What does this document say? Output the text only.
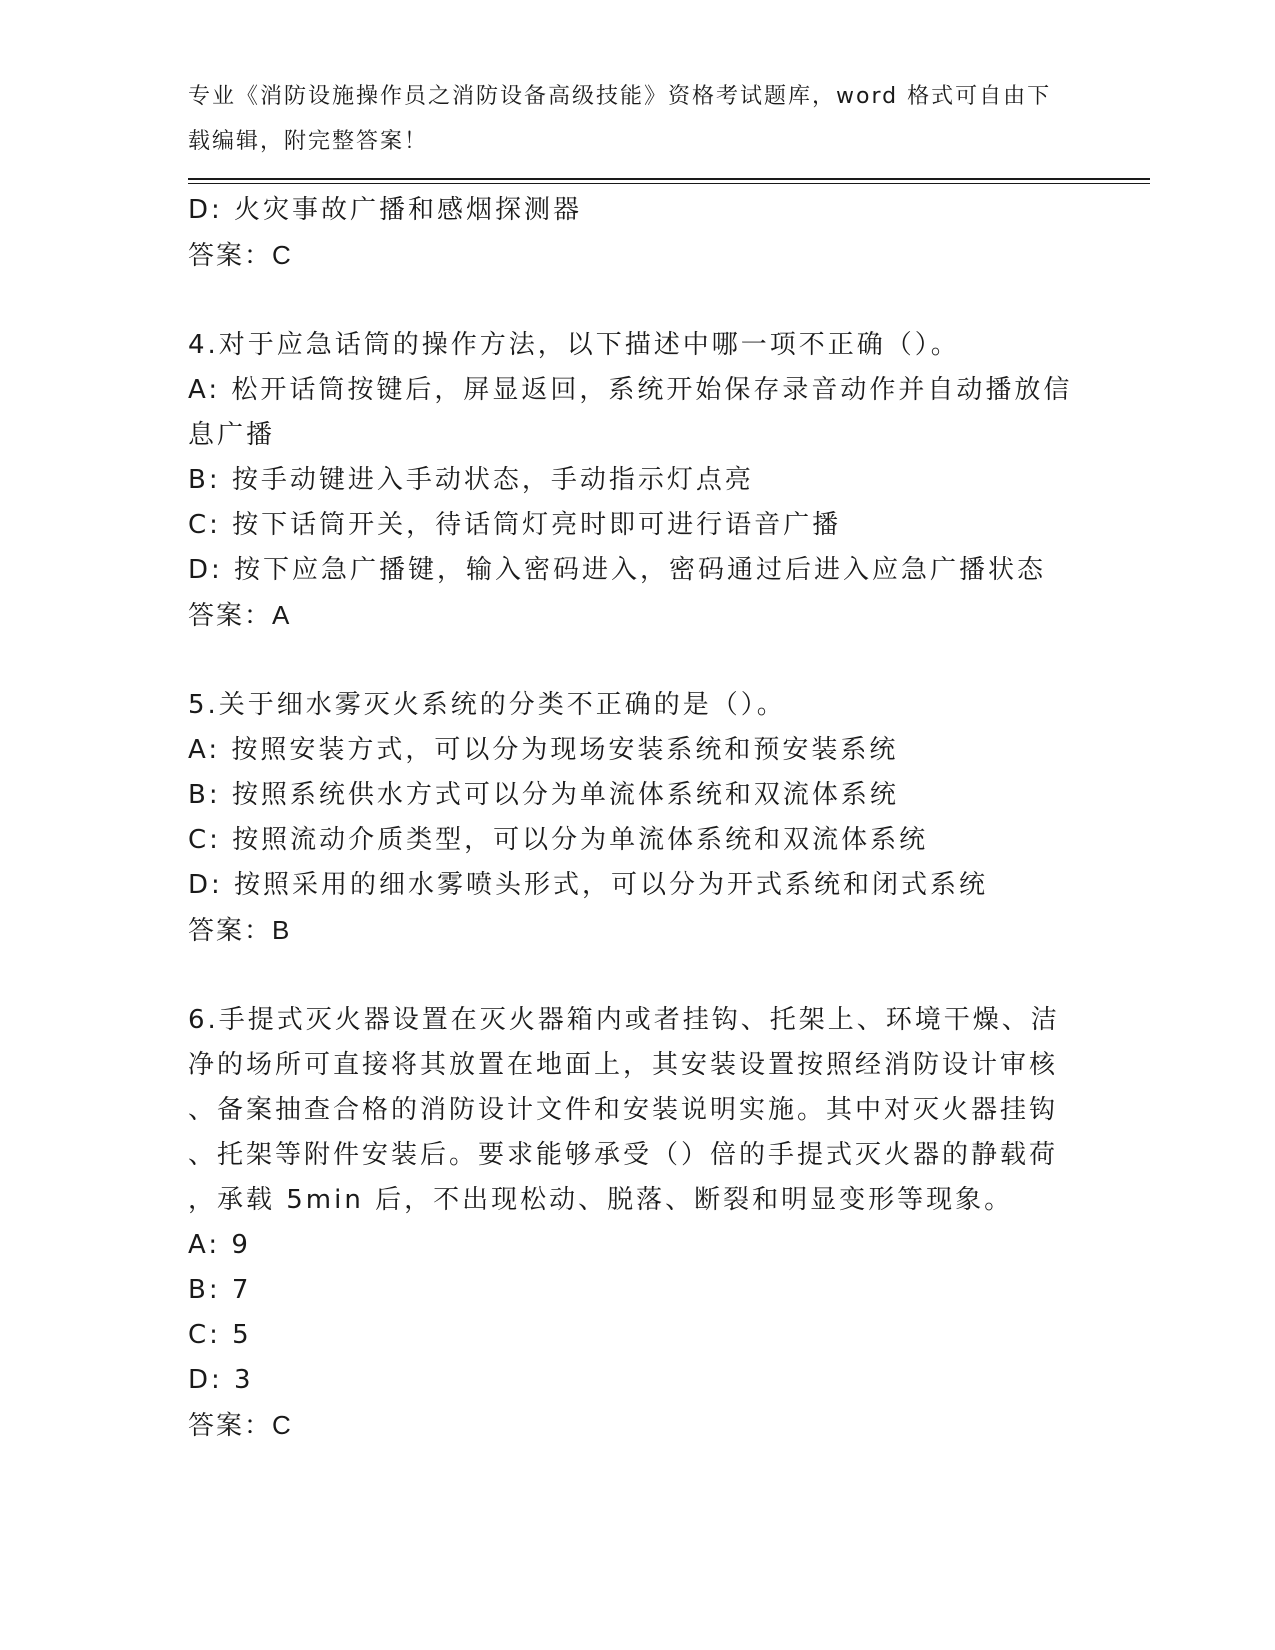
专业《消防设施操作员之消防设备高级技能》资格考试题库，word 格式可自由下
载编辑，附完整答案！
D: 火灾事故广播和感烟探测器
答案：C
4.对于应急话筒的操作方法，以下描述中哪一项不正确（）。
A: 松开话筒按键后，屏显返回，系统开始保存录音动作并自动播放信
息广播
B: 按手动键进入手动状态，手动指示灯点亮
C: 按下话筒开关，待话筒灯亮时即可进行语音广播
D: 按下应急广播键，输入密码进入，密码通过后进入应急广播状态
答案：A
5.关于细水雾灭火系统的分类不正确的是（）。
A: 按照安装方式，可以分为现场安装系统和预安装系统
B: 按照系统供水方式可以分为单流体系统和双流体系统
C: 按照流动介质类型，可以分为单流体系统和双流体系统
D: 按照采用的细水雾喷头形式，可以分为开式系统和闭式系统
答案：B
6.手提式灭火器设置在灭火器箱内或者挂钩、托架上、环境干燥、洁
净的场所可直接将其放置在地面上，其安装设置按照经消防设计审核
、备案抽查合格的消防设计文件和安装说明实施。其中对灭火器挂钩
、托架等附件安装后。要求能够承受（）倍的手提式灭火器的静载荷
，承载 5min 后，不出现松动、脱落、断裂和明显变形等现象。
A: 9
B: 7
C: 5
D: 3
答案：C
